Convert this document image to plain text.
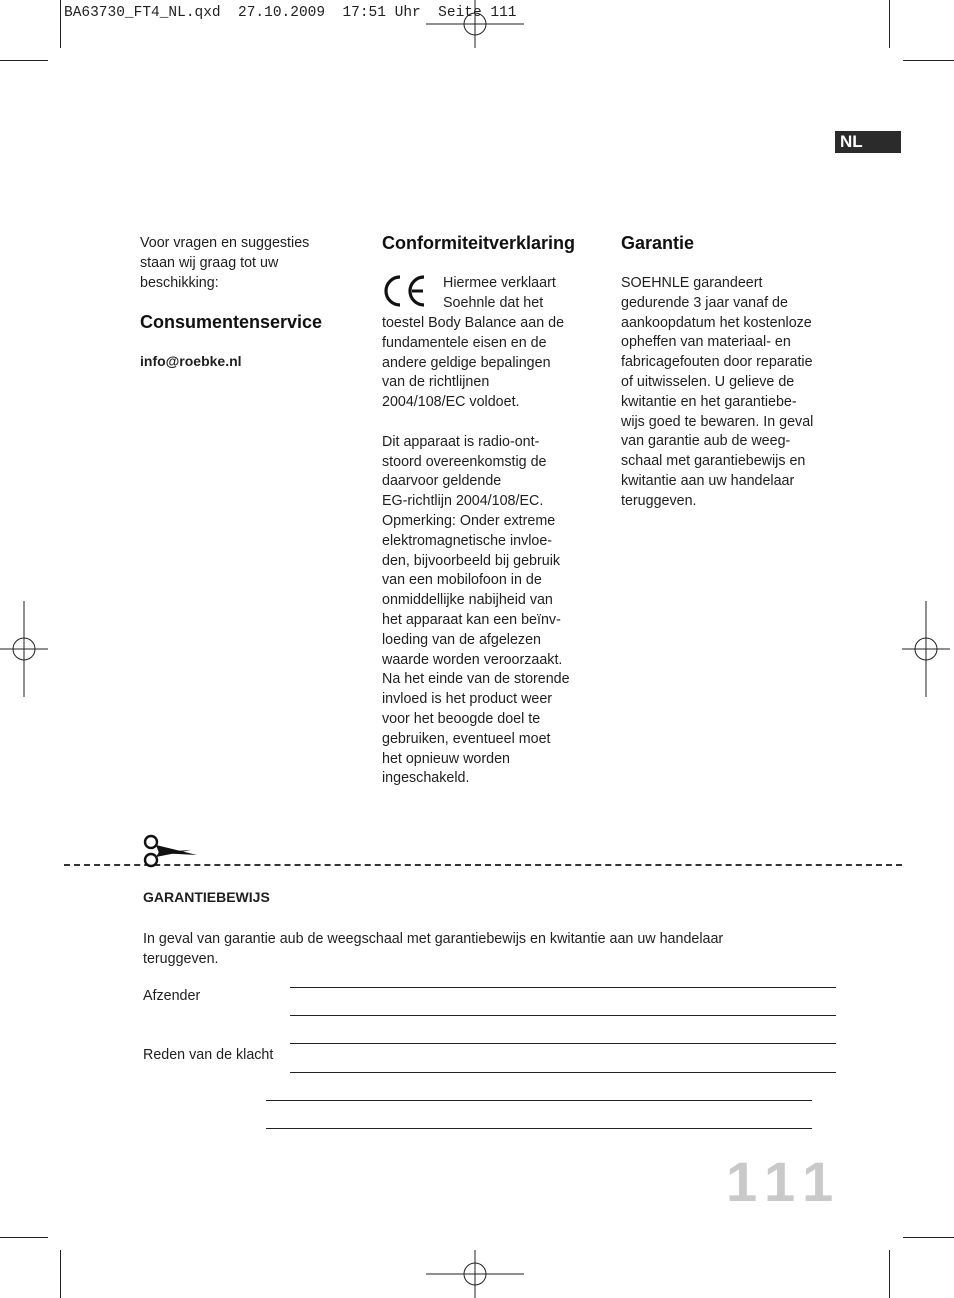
BA63730_FT4_NL.qxd  27.10.2009  17:51 Uhr  Seite 111
NL

Voor vragen en suggesties
staan wij graag tot uw
beschikking:

Consumentenservice

info@roebke.nl

Conformiteitverklaring

Hiermee verklaart
Soehnle dat het

toestel Body Balance aan de
fundamentele eisen en de
andere geldige bepalingen
van de richtlijnen
2004/108/EC voldoet.

Dit apparaat is radio-ont-
stoord overeenkomstig de
daarvoor geldende
EG-richtlijn 2004/108/EC.
Opmerking: Onder extreme
elektromagnetische invloe-
den, bijvoorbeeld bij gebruik
van een mobilofoon in de
onmiddellijke nabijheid van
het apparaat kan een beïnv-
loeding van de afgelezen
waarde worden veroorzaakt.
Na het einde van de storende
invloed is het product weer
voor het beoogde doel te
gebruiken, eventueel moet
het opnieuw worden
ingeschakeld.

Garantie

SOEHNLE garandeert
gedurende 3 jaar vanaf de
aankoopdatum het kostenloze
opheffen van materiaal- en
fabricagefouten door reparatie
of uitwisselen. U gelieve de
kwitantie en het garantiebe-
wijs goed te bewaren. In geval
van garantie aub de weeg-
schaal met garantiebewijs en
kwitantie aan uw handelaar
teruggeven.

GARANTIEBEWIJS
In geval van garantie aub de weegschaal met garantiebewijs en kwitantie aan uw handelaar
teruggeven.
Afzender
Reden van de klacht
111
